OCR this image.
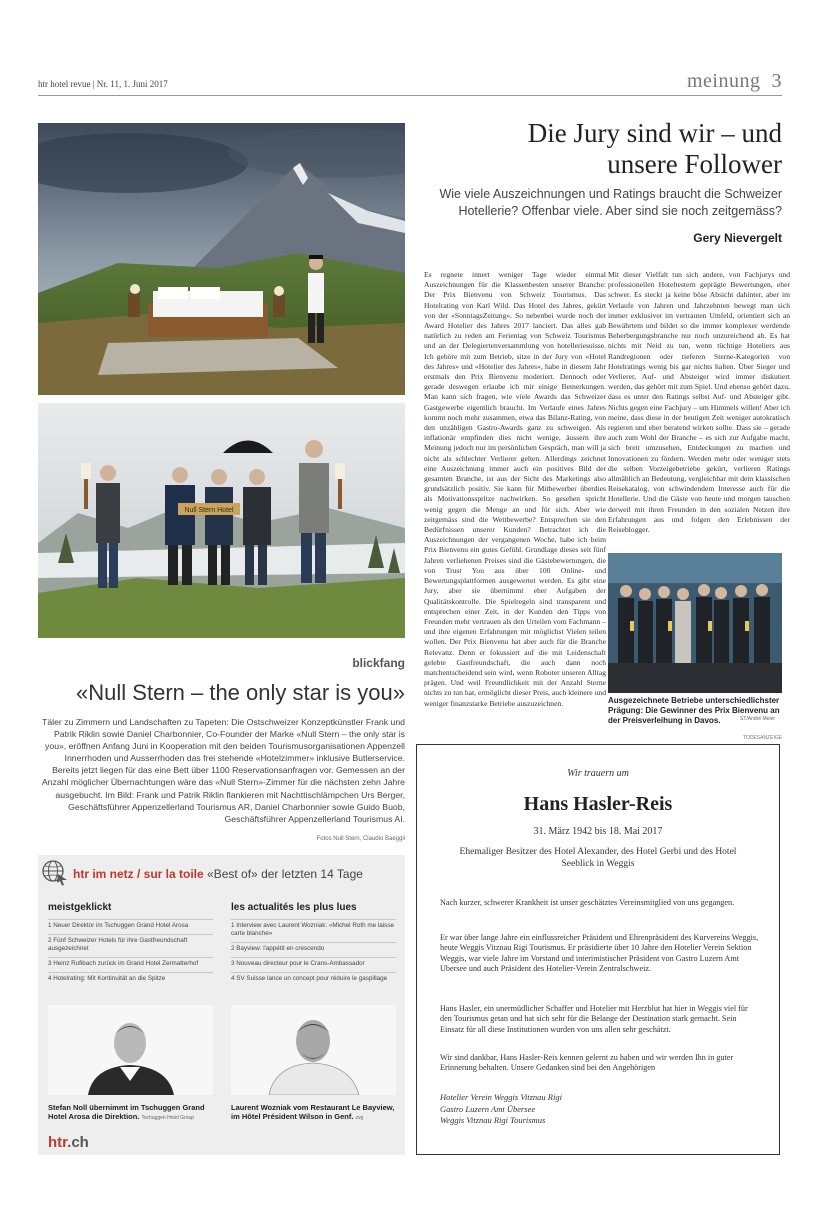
htr hotel revue | Nr. 11, 1. Juni 2017	meinung 3
Null Stern Hotel
Die Jury sind wir – und
unsere Follower
Wie viele Auszeichnungen und Ratings braucht die Schweizer Hotellerie? Offenbar viele. Aber sind sie noch zeitgemäss?
Gery Nievergelt
Es regnete innert weniger Tage wieder einmal Auszeichnungen für die Klassenbesten unserer Branche: Der Prix Bienvenu von Schweiz Tourismus. Das Hotelrating von Karl Wild. Das Hotel des Jahres, gekürt von der «SonntagsZeitung». So nebenbei wurde noch der Award Hotelier des Jahres 2017 lanciert. Das alles gab natürlich zu reden am Ferientag von Schweiz Tourismus und an der Delegiertenversammlung von hotelleriesuisse. Ich gehöre mit zum Betrieb, sitze in der Jury von «Hotel des Jahres» und «Hotelier des Jahres», habe in diesem Jahr erstmals den Prix Bienvenu moderiert. Dennoch oder gerade deswegen erlaube ich mir einige Bemerkungen. Man kann sich fragen, wie viele Awards das Schweizer Gastgewerbe eigentlich braucht. Im Verlaufe eines Jahres kommt noch mehr zusammen, etwa das Bilanz-Rating, von den unzähligen Gastro-Awards ganz zu schweigen. Als inflationär empfinden dies nicht wenige, äussern ihre Meinung jedoch nur im persönlichen Gespräch, man will ja nicht als schlechter Verlierer gelten. Allerdings zeichnet eine Auszeichnung immer auch ein positives Bild der gesamten Branche, ist aus der Sicht des Marketings also grundsätzlich positiv. Sie kann für Mitbewerber überdies als Motivationsspritze nachwirken. So gesehen spricht wenig gegen die Menge an und für sich. Aber wie zeitgemäss sind die Wettbewerbe? Entsprechen sie den Bedürfnissen unserer Kunden? Betrachtet ich die Auszeichnungen der vergangenen Woche, habe ich beim Prix Bienvenu ein gutes Gefühl. Grundlage dieses seit fünf Jahren verliehenen Preises sind die Gästebewertungen, die von Trust You aus über 100 Online- und Bewertungsplattformen ausgewertet werden. Es gibt eine Jury, aber sie übernimmt eher Aufgaben der Qualitätskontrolle. Die Spielregeln sind transparent und entsprechen einer Zeit, in der Kunden den Tipps von Freunden mehr vertrauen als den Urteilen vom Fachmann – und ihre eigenen Erfahrungen mit möglichst Vielen teilen wollen. Der Prix Bienvenu hat aber auch für die Branche Relevanz. Denn er fokussiert auf die mit Leidenschaft gelebte Gastfreundschaft, die auch dann noch matchentscheidend sein wird, wenn Roboter unseren Alltag prägen. Und weil Freundlichkeit mit der Anzahl Sterne nichts zu tun hat, ermöglicht dieser Preis, auch kleinere und weniger finanzstarke Betriebe auszuzeichnen.
Mit dieser Vielfalt tun sich andere, von Fachjurys und professionellen Hoteltestern geprägte Bewertungen, eher schwer. Es steckt ja keine böse Absicht dahinter, aber im Verlaufe von Jahren und Jahrzehnten bewegt man sich immer exklusiver im vertrauten Umfeld, orientiert sich an Bewährtem und bildet so die immer komplexer werdende Beherbergungsbranche nur noch unzureichend ab. Es hat nichts mit Neid zu tun, wenn tüchtige Hoteliers aus Randregionen oder tieferen Sterne-Kategorien von Hotelratings wenig bis gar nichts halten. Über Sieger und Verlierer, Auf- und Absteiger wird immer diskutiert werden, das gehört mit zum Spiel. Und ebenso gehört dazu, dass es unter den Ratings selbst Auf- und Absteiger gibt. Nichts gegen eine Fachjury – um Himmels willen! Aber ich meine, dass diese in der heutigen Zeit weniger autokratisch regieren und eher beratend wirken sollte. Dass sie – gerade auch zum Wohl der Branche – es sich zur Aufgabe macht, sich breit umzusehen, Entdeckungen zu machen und Innovationen zu fördern. Werden mehr oder weniger stets die selben Vorzeigebetriebe gekürt, verlieren Ratings allmählich an Bedeutung, vergleichbar mit dem klassischen Reisekatalog, von schwindendem Interesse auch für die Hotellerie. Und die Gäste von heute und morgen tauschen derweil mit ihren Freunden in den sozialen Netzen ihre Erfahrungen aus und folgen den Erlebnissen der Reiseblogger.
Ausgezeichnete Betriebe unterschiedlichster Prägung: Die Gewinner des Prix Bienvenu an der Preisverleihung in Davos.	ST/André Meier
blickfang
«Null Stern – the only star is you»
Täler zu Zimmern und Landschaften zu Tapeten: Die Ostschweizer Konzeptkünstler Frank und Patrik Riklin sowie Daniel Charbonnier, Co-Founder der Marke «Null Stern – the only star is you», eröffnen Anfang Juni in Kooperation mit den beiden Tourismusorganisationen Appenzell Innerrhoden und Ausserrhoden das frei stehende «Hotelzimmer» inklusive Butlerservice. Bereits jetzt liegen für das eine Bett über 1100 Reservationsanfragen vor. Gemessen an der Anzahl möglicher Übernachtungen wäre das «Null Stern»-Zimmer für die nächsten zehn Jahre ausgebucht. Im Bild: Frank und Patrik Riklin flankieren mit Nachttischlämpchen Urs Berger, Geschäftsführer Appenzellerland Tourismus AR, Daniel Charbonnier sowie Guido Buob, Geschäftsführer Appenzellerland Tourismus AI.
Fotos Null Stern, Claudio Baeggli
htr im netz / sur la toile «Best of» der letzten 14 Tage
meistgeklickt	les actualités les plus lues
1 Neuer Direktor im Tschuggen Grand Hotel Arosa
2 Fünf Schweizer Hotels für ihre Gastfreundschaft ausgezeichnet
3 Heinz Rufibach zurück im Grand Hotel Zermatterhof
4 Hotelrating: Mit Kontinuität an die Spitze
1 Interview avec Laurent Wozniak: «Michel Roth me laisse carte blanche»
2 Bayview: l'appétit en crescendo
3 Nouveau directeur pour le Crans-Ambassador
4 SV Suisse lance un concept pour réduire le gaspillage
Stefan Noll übernimmt im Tschuggen Grand Hotel Arosa die Direktion. Tschuggen Hotel Group
Laurent Wozniak vom Restaurant Le Bayview, im Hôtel Président Wilson in Genf. zvg
htr.ch
TODESANZEIGE
Wir trauern um
Hans Hasler-Reis
31. März 1942 bis 18. Mai 2017
Ehemaliger Besitzer des Hotel Alexander, des Hotel Gerbi und des Hotel Seeblick in Weggis
Nach kurzer, schwerer Krankheit ist unser geschätztes Vereinsmitglied von uns gegangen.
Er war über lange Jahre ein einflussreicher Präsident und Ehrenpräsident des Kurvereins Weggis, heute Weggis Vitznau Rigi Tourismus. Er präsidierte über 10 Jahre den Hotelier Verein Sektion Weggis, war viele Jahre im Vorstand und interimistischer Präsident von Gastro Luzern Amt Ubersee und auch Präsident des Hotelier-Verein Zentralschweiz.
Hans Hasler, ein unermüdlicher Schaffer und Hotelier mit Herzblut hat hier in Weggis viel für den Tourismus getan und hat sich sehr für die Belange der Destination stark gemacht. Sein Einsatz für all diese Institutionen wurden von uns allen sehr geschätzt.
Wir sind dankbar, Hans Hasler-Reis kennen gelernt zu haben und wir werden Ihn in guter Erinnerung behalten. Unsere Gedanken sind bei den Angehörigen
Hotelier Verein Weggis Vitznau Rigi
Gastro Luzern Amt Übersee
Weggis Vitznau Rigi Tourismus
